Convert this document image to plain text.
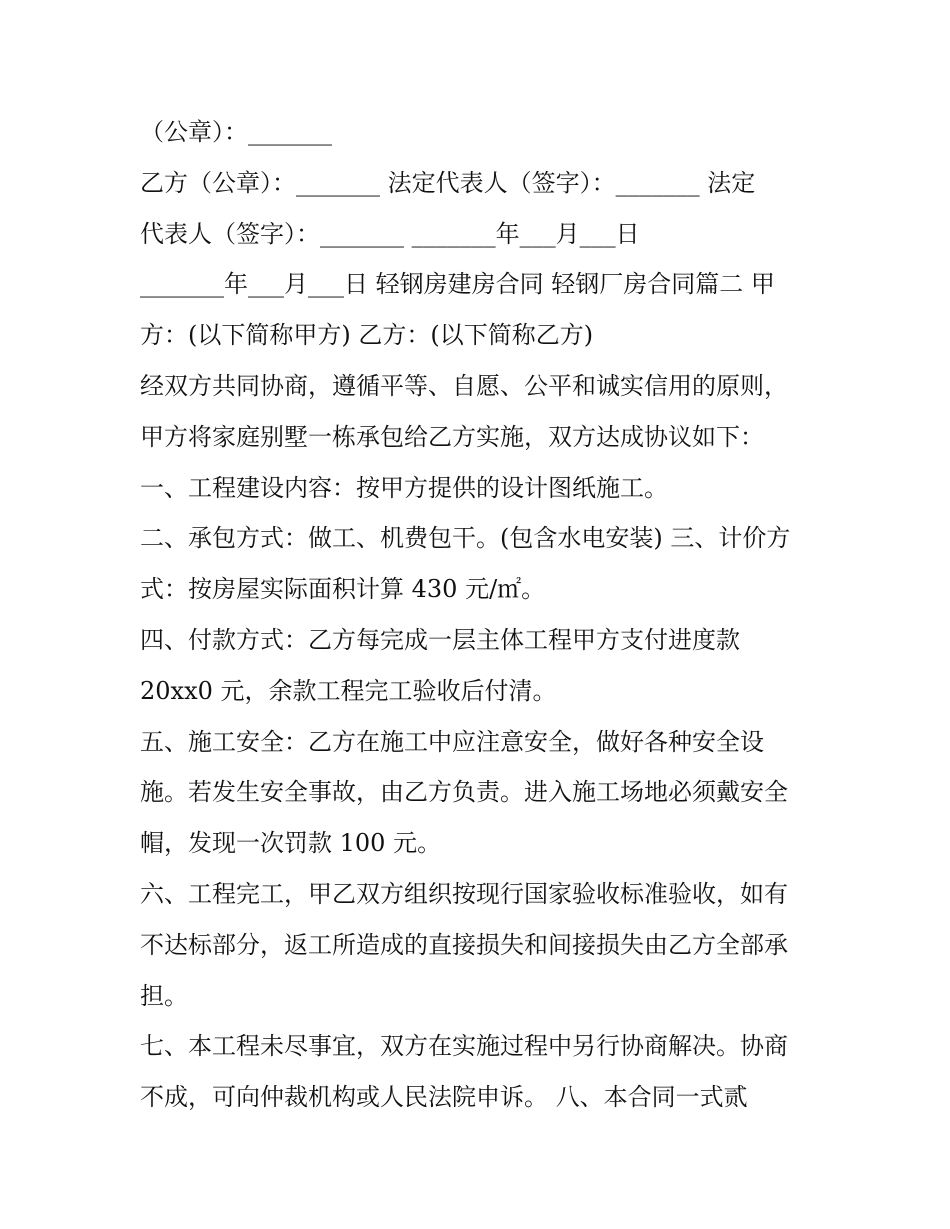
（公章）：_______
乙方（公章）：_______ 法定代表人（签字）：_______ 法定
代表人（签字）：_______ _______年___月___日
_______年___月___日 轻钢房建房合同 轻钢厂房合同篇二 甲
方：(以下简称甲方) 乙方：(以下简称乙方)
经双方共同协商，遵循平等、自愿、公平和诚实信用的原则，
甲方将家庭别墅一栋承包给乙方实施，双方达成协议如下：
一、工程建设内容：按甲方提供的设计图纸施工。
二、承包方式：做工、机费包干。(包含水电安装) 三、计价方
式：按房屋实际面积计算 430 元/㎡。
四、付款方式：乙方每完成一层主体工程甲方支付进度款
20xx0 元，余款工程完工验收后付清。
五、施工安全：乙方在施工中应注意安全，做好各种安全设
施。若发生安全事故，由乙方负责。进入施工场地必须戴安全
帽，发现一次罚款 100 元。
六、工程完工，甲乙双方组织按现行国家验收标准验收，如有
不达标部分，返工所造成的直接损失和间接损失由乙方全部承
担。
七、本工程未尽事宜，双方在实施过程中另行协商解决。协商
不成，可向仲裁机构或人民法院申诉。 八、本合同一式贰
